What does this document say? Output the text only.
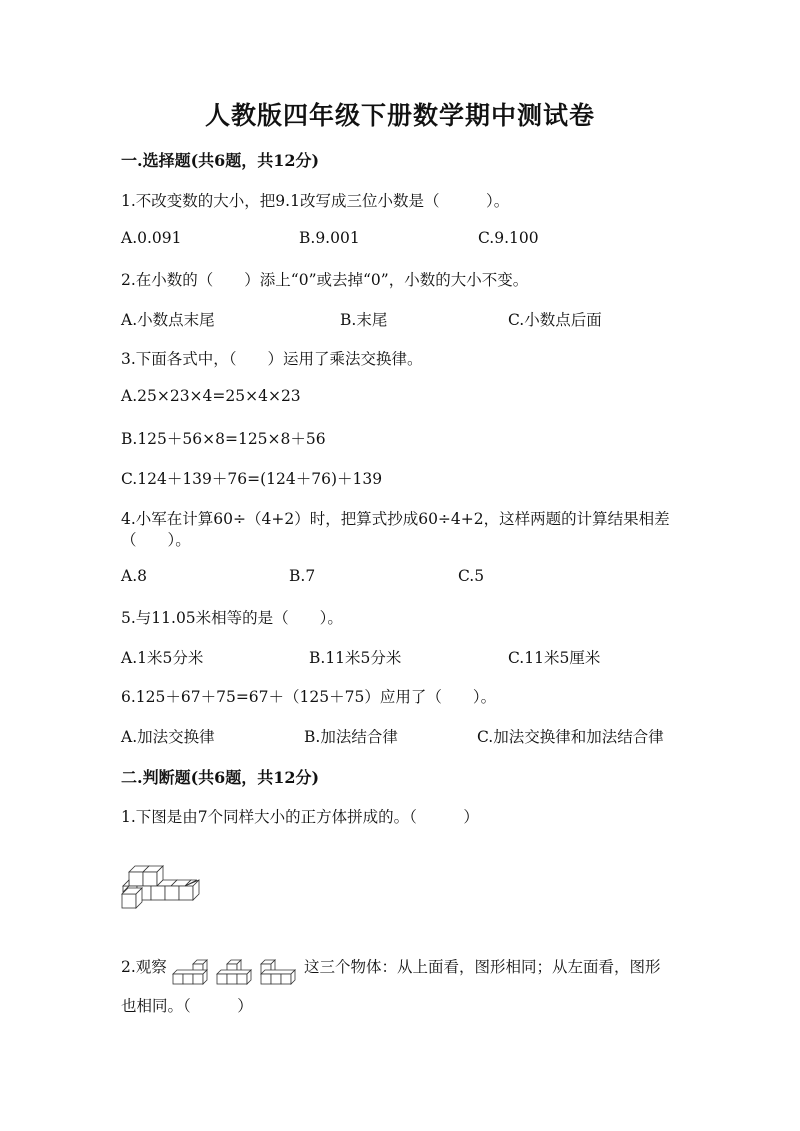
人教版四年级下册数学期中测试卷
一.选择题(共6题，共12分)
1.不改变数的大小，把9.1改写成三位小数是（　　　）。
A.0.091	B.9.001	C.9.100
2.在小数的（　　）添上“0”或去掉“0”，小数的大小不变。
A.小数点末尾	B.末尾	C.小数点后面
3.下面各式中，（　　）运用了乘法交换律。
A.25×23×4=25×4×23
B.125＋56×8=125×8＋56
C.124＋139＋76=(124＋76)＋139
4.小军在计算60÷（4+2）时，把算式抄成60÷4+2，这样两题的计算结果相差
（　　）。
A.8	B.7	C.5
5.与11.05米相等的是（　　）。
A.1米5分米	B.11米5分米	C.11米5厘米
6.125＋67＋75=67＋（125＋75）应用了（　　）。
A.加法交换律	B.加法结合律	C.加法交换律和加法结合律
二.判断题(共6题，共12分)
1.下图是由7个同样大小的正方体拼成的。（　　　）
2.观察	这三个物体：从上面看，图形相同；从左面看，图形
也相同。（　　　）
